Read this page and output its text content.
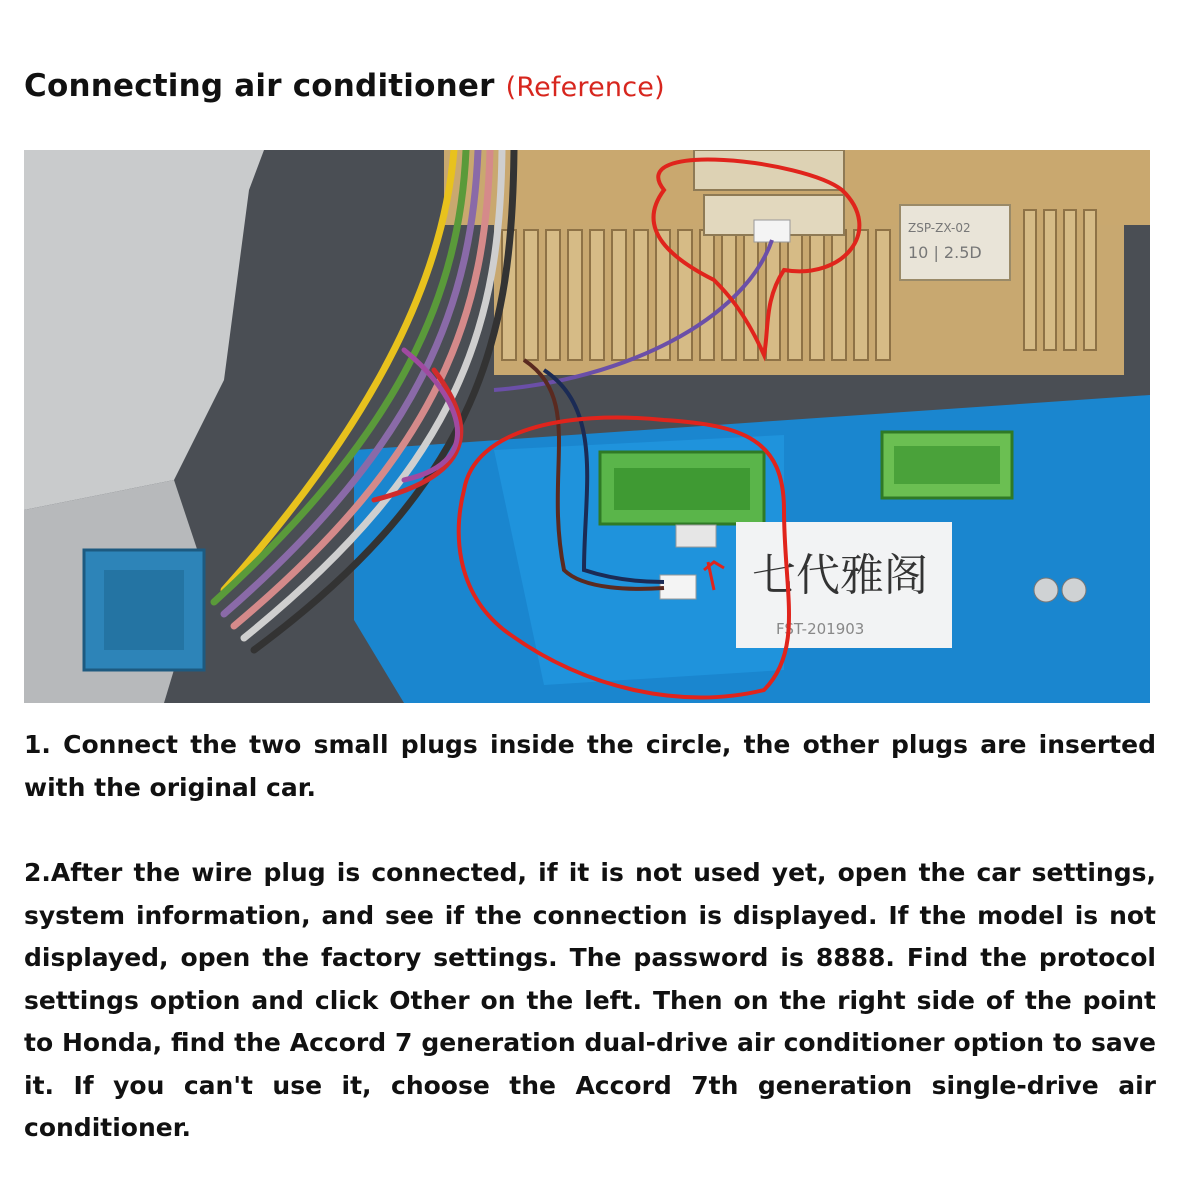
Connecting air conditioner (Reference)
ZSP-ZX-02
10 | 2.5D
七代雅阁
FST-201903

1. Connect the two small plugs inside the circle, the other plugs are inserted with the original car.

2.After the wire plug is connected, if it is not used yet, open the car settings, system information, and see if the connection is displayed. If the model is not displayed, open the factory settings. The password is 8888. Find the protocol settings option and click Other on the left. Then on the right side of the point to Honda, find the Accord 7 generation dual-drive air conditioner option to save it. If you can't use it, choose the Accord 7th generation single-drive air conditioner.
